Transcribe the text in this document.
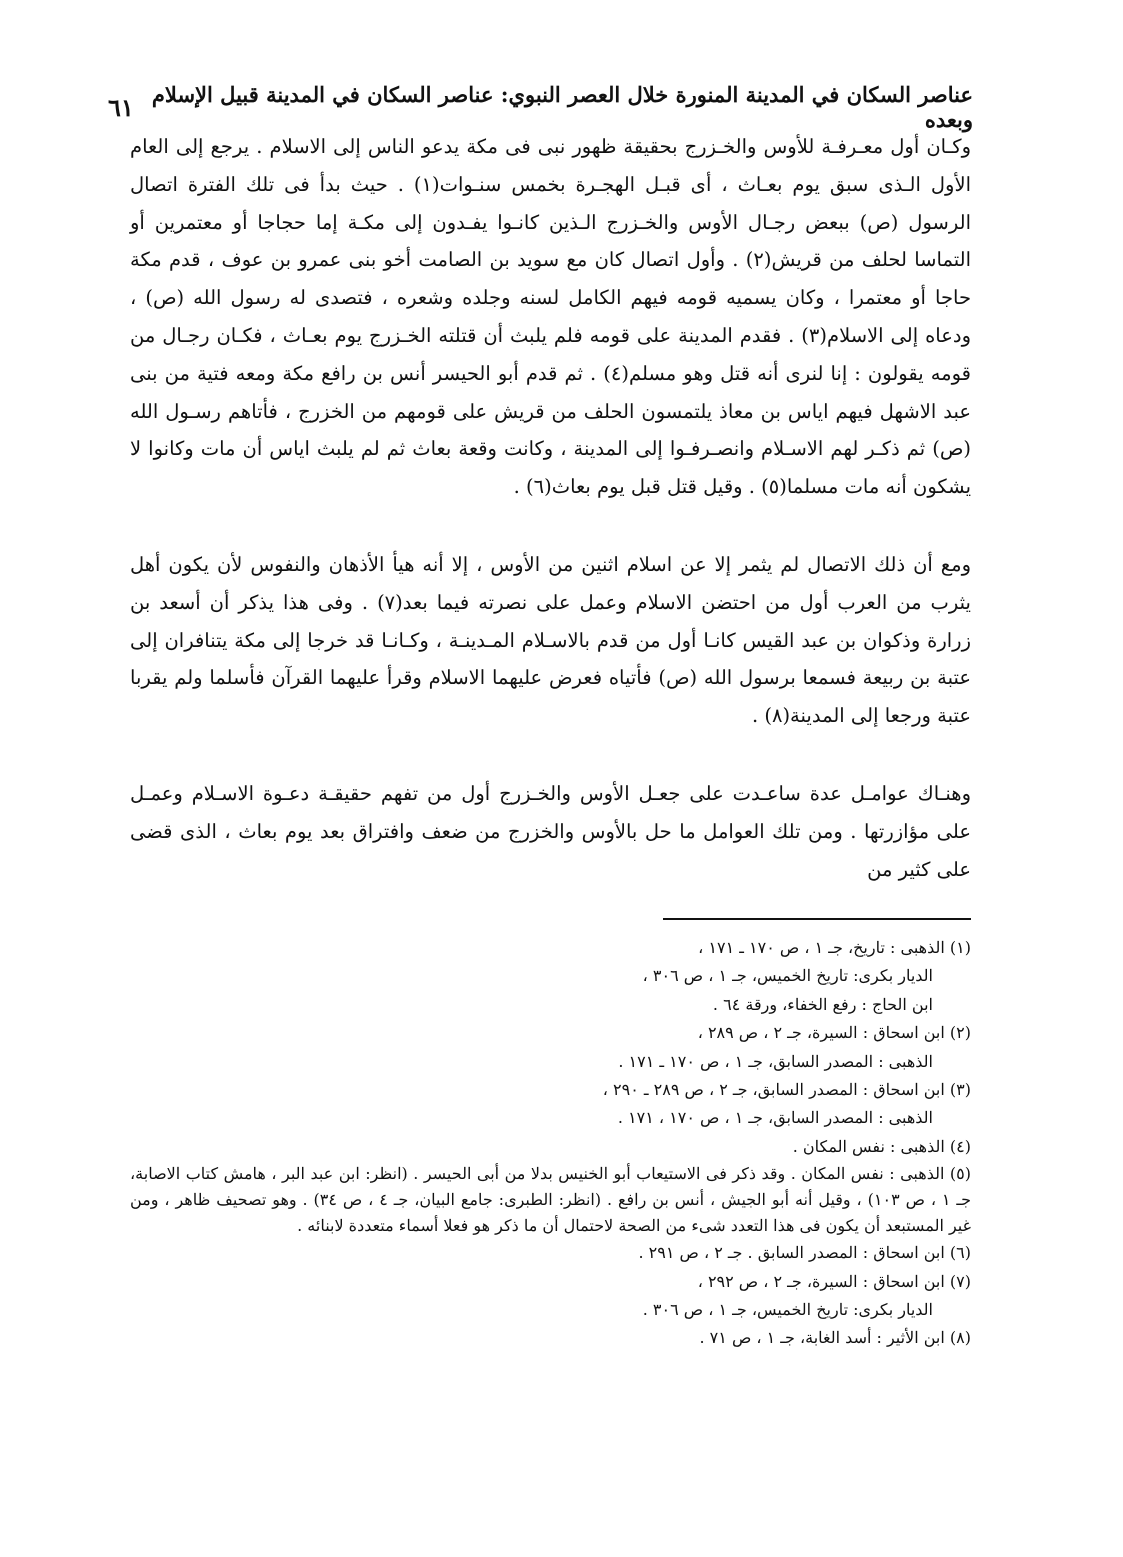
عناصر السكان في المدينة المنورة خلال العصر النبوي: عناصر السكان في المدينة قبيل الإسلام وبعده
٦١

وكـان أول معـرفـة للأوس والخـزرج بحقيقة ظهور نبى فى مكة يدعو الناس إلى الاسلام . يرجع إلى العام الأول الـذى سبق يوم بعـاث ، أى قبـل الهجـرة بخمس سنـوات(١) . حيث بدأ فى تلك الفترة اتصال الرسول (ص) ببعض رجـال الأوس والخـزرج الـذين كانـوا يفـدون إلى مكـة إما حجاجا أو معتمرين أو التماسا لحلف من قريش(٢) . وأول اتصال كان مع سويد بن الصامت أخو بنى عمرو بن عوف ، قدم مكة حاجا أو معتمرا ، وكان يسميه قومه فيهم الكامل لسنه وجلده وشعره ، فتصدى له رسول الله (ص) ، ودعاه إلى الاسلام(٣) . فقدم المدينة على قومه فلم يلبث أن قتلته الخـزرج يوم بعـاث ، فكـان رجـال من قومه يقولون : إنا لنرى أنه قتل وهو مسلم(٤) . ثم قدم أبو الحيسر أنس بن رافع مكة ومعه فتية من بنى عبد الاشهل فيهم اياس بن معاذ يلتمسون الحلف من قريش على قومهم من الخزرج ، فأتاهم رسـول الله (ص) ثم ذكـر لهم الاسـلام وانصـرفـوا إلى المدينة ، وكانت وقعة بعاث ثم لم يلبث اياس أن مات وكانوا لا يشكون أنه مات مسلما(٥) . وقيل قتل قبل يوم بعاث(٦) .

ومع أن ذلك الاتصال لم يثمر إلا عن اسلام اثنين من الأوس ، إلا أنه هيأ الأذهان والنفوس لأن يكون أهل يثرب من العرب أول من احتضن الاسلام وعمل على نصرته فيما بعد(٧) . وفى هذا يذكر أن أسعد بن زرارة وذكوان بن عبد القيس كانـا أول من قدم بالاسـلام المـدينـة ، وكـانـا قد خرجا إلى مكة يتنافران إلى عتبة بن ربيعة فسمعا برسول الله (ص) فأتياه فعرض عليهما الاسلام وقرأ عليهما القرآن فأسلما ولم يقربا عتبة ورجعا إلى المدينة(٨) .

وهنـاك عوامـل عدة ساعـدت على جعـل الأوس والخـزرج أول من تفهم حقيقـة دعـوة الاسـلام وعمـل على مؤازرتها . ومن تلك العوامل ما حل بالأوس والخزرج من ضعف وافتراق بعد يوم بعاث ، الذى قضى على كثير من

(١) الذهبى : تاريخ، جـ ١ ، ص ١٧٠ ـ ١٧١ ،

الديار بكرى: تاريخ الخميس، جـ ١ ، ص ٣٠٦ ،

ابن الحاج : رفع الخفاء، ورقة ٦٤ .

(٢) ابن اسحاق : السيرة، جـ ٢ ، ص ٢٨٩ ،

الذهبى : المصدر السابق، جـ ١ ، ص ١٧٠ ـ ١٧١ .

(٣) ابن اسحاق : المصدر السابق، جـ ٢ ، ص ٢٨٩ ـ ٢٩٠ ،

الذهبى : المصدر السابق، جـ ١ ، ص ١٧٠ ، ١٧١ .

(٤) الذهبى : نفس المكان .

(٥) الذهبى : نفس المكان . وقد ذكر فى الاستيعاب أبو الخنيس بدلا من أبى الحيسر . (انظر: ابن عبد البر ، هامش كتاب الاصابة، جـ ١ ، ص ١٠٣) ، وقيل أنه أبو الجيش ، أنس بن رافع . (انظر: الطبرى: جامع البيان، جـ ٤ ، ص ٣٤) . وهو تصحيف ظاهر ، ومن غير المستبعد أن يكون فى هذا التعدد شىء من الصحة لاحتمال أن ما ذكر هو فعلا أسماء متعددة لابنائه .

(٦) ابن اسحاق : المصدر السابق . جـ ٢ ، ص ٢٩١ .

(٧) ابن اسحاق : السيرة، جـ ٢ ، ص ٢٩٢ ،

الديار بكرى: تاريخ الخميس، جـ ١ ، ص ٣٠٦ .

(٨) ابن الأثير : أسد الغابة، جـ ١ ، ص ٧١ .
